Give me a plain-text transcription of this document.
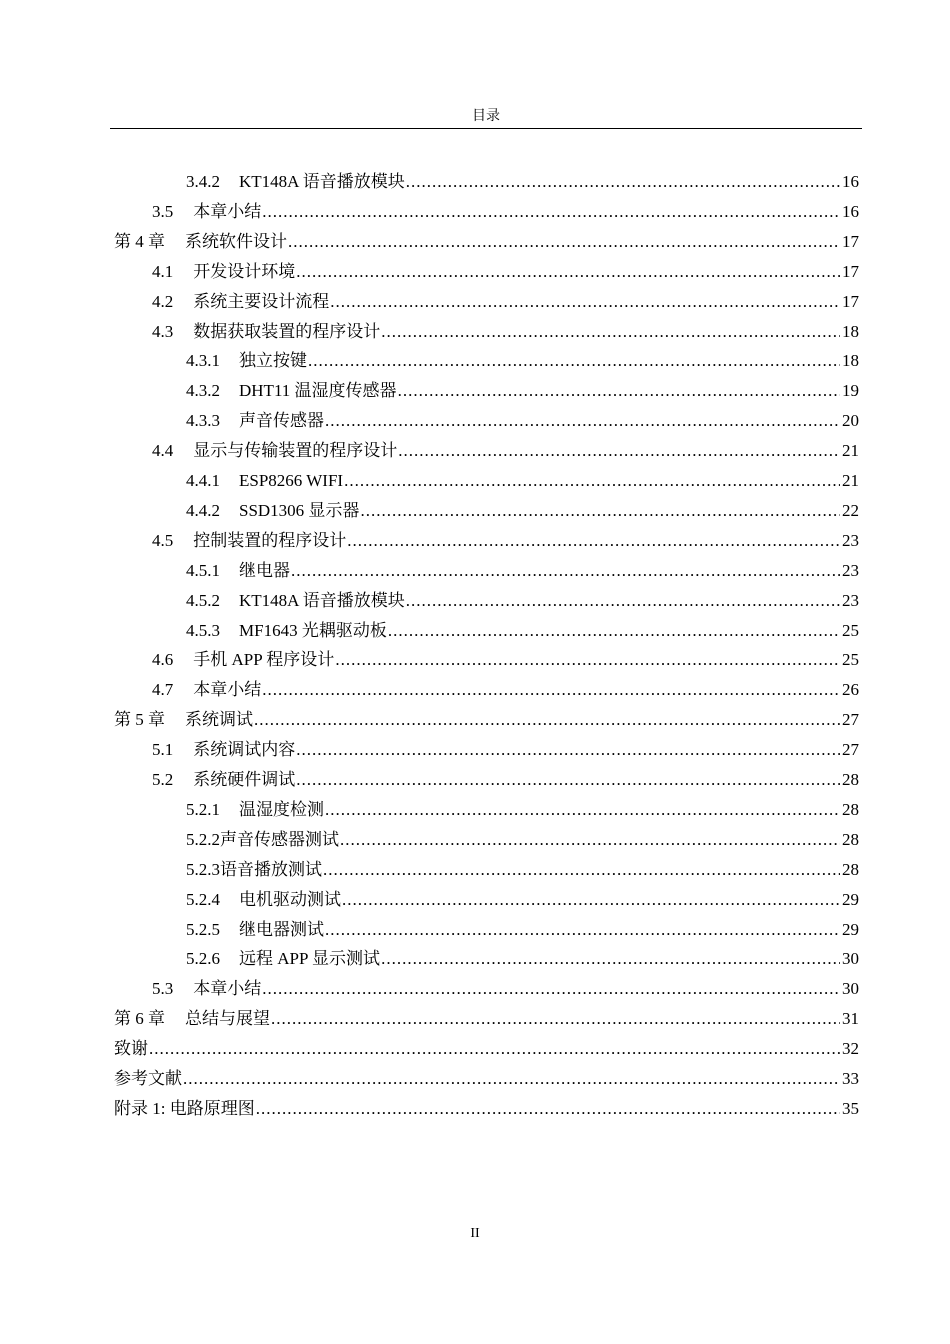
目录
3.4.2 KT148A 语音播放模块 .....	16
3.5 本章小结 .....	16
第 4 章 系统软件设计 .....	17
4.1 开发设计环境 .....	17
4.2 系统主要设计流程 .....	17
4.3 数据获取装置的程序设计 .....	18
4.3.1 独立按键 .....	18
4.3.2 DHT11 温湿度传感器 .....	19
4.3.3 声音传感器 .....	20
4.4 显示与传输装置的程序设计 .....	21
4.4.1 ESP8266 WIFI .....	21
4.4.2 SSD1306 显示器 .....	22
4.5 控制装置的程序设计 .....	23
4.5.1 继电器 .....	23
4.5.2 KT148A 语音播放模块 .....	23
4.5.3 MF1643 光耦驱动板 .....	25
4.6 手机 APP 程序设计 .....	25
4.7 本章小结 .....	26
第 5 章 系统调试 .....	27
5.1 系统调试内容 .....	27
5.2 系统硬件调试 .....	28
5.2.1 温湿度检测 .....	28
5.2.2 声音传感器测试 .....	28
5.2.3 语音播放测试 .....	28
5.2.4 电机驱动测试 .....	29
5.2.5 继电器测试 .....	29
5.2.6 远程 APP 显示测试 .....	30
5.3 本章小结 .....	30
第 6 章 总结与展望 .....	31
致谢 .....	32
参考文献 .....	33
附录 1: 电路原理图 .....	35
II
